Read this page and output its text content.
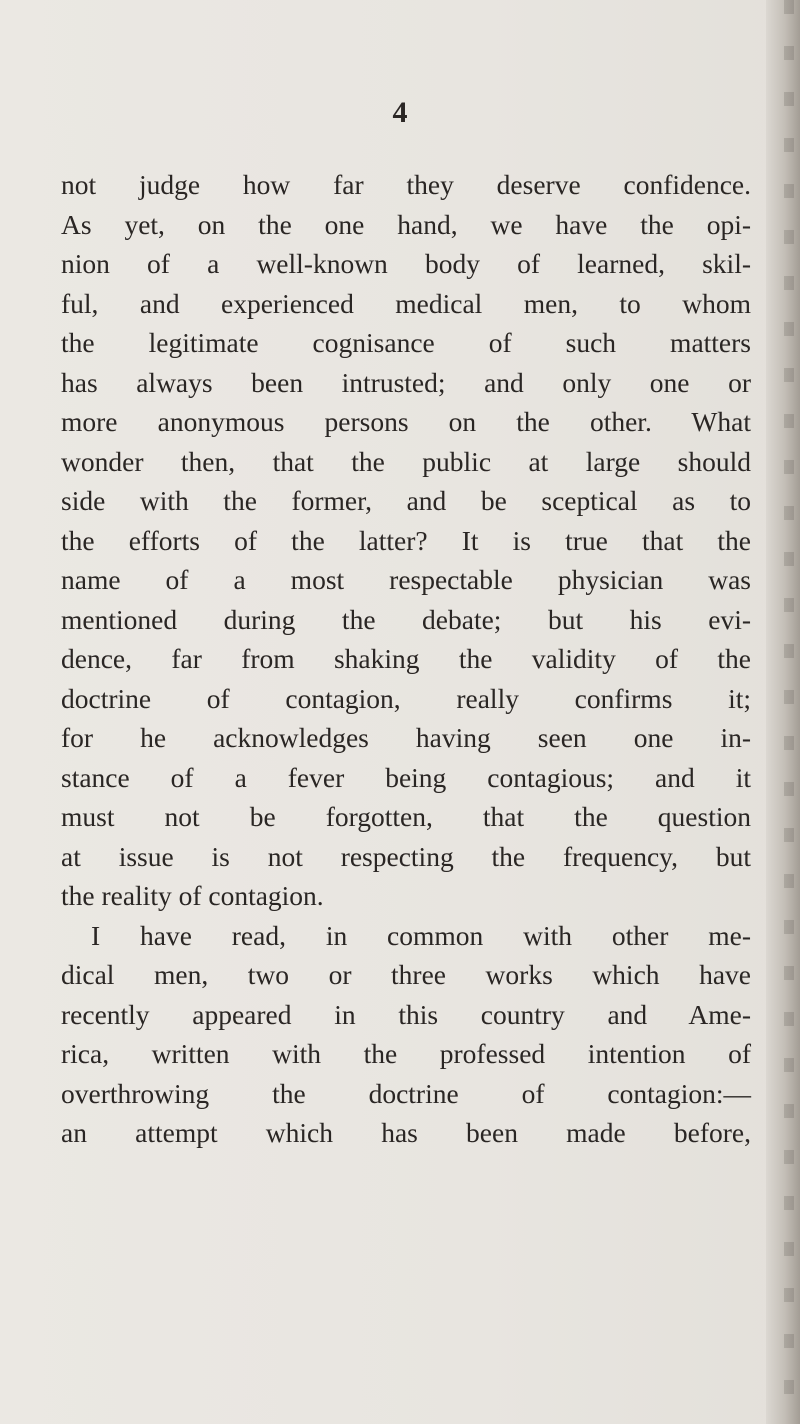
4
not judge how far they deserve confidence.
As yet, on the one hand, we have the opi-
nion of a well-known body of learned, skil-
ful, and experienced medical men, to whom
the legitimate cognisance of such matters
has always been intrusted; and only one or
more anonymous persons on the other. What
wonder then, that the public at large should
side with the former, and be sceptical as to
the efforts of the latter? It is true that the
name of a most respectable physician was
mentioned during the debate; but his evi-
dence, far from shaking the validity of the
doctrine of contagion, really confirms it;
for he acknowledges having seen one in-
stance of a fever being contagious; and it
must not be forgotten, that the question
at issue is not respecting the frequency, but
the reality of contagion.
I have read, in common with other me-
dical men, two or three works which have
recently appeared in this country and Ame-
rica, written with the professed intention of
overthrowing the doctrine of contagion:—
an attempt which has been made before,
